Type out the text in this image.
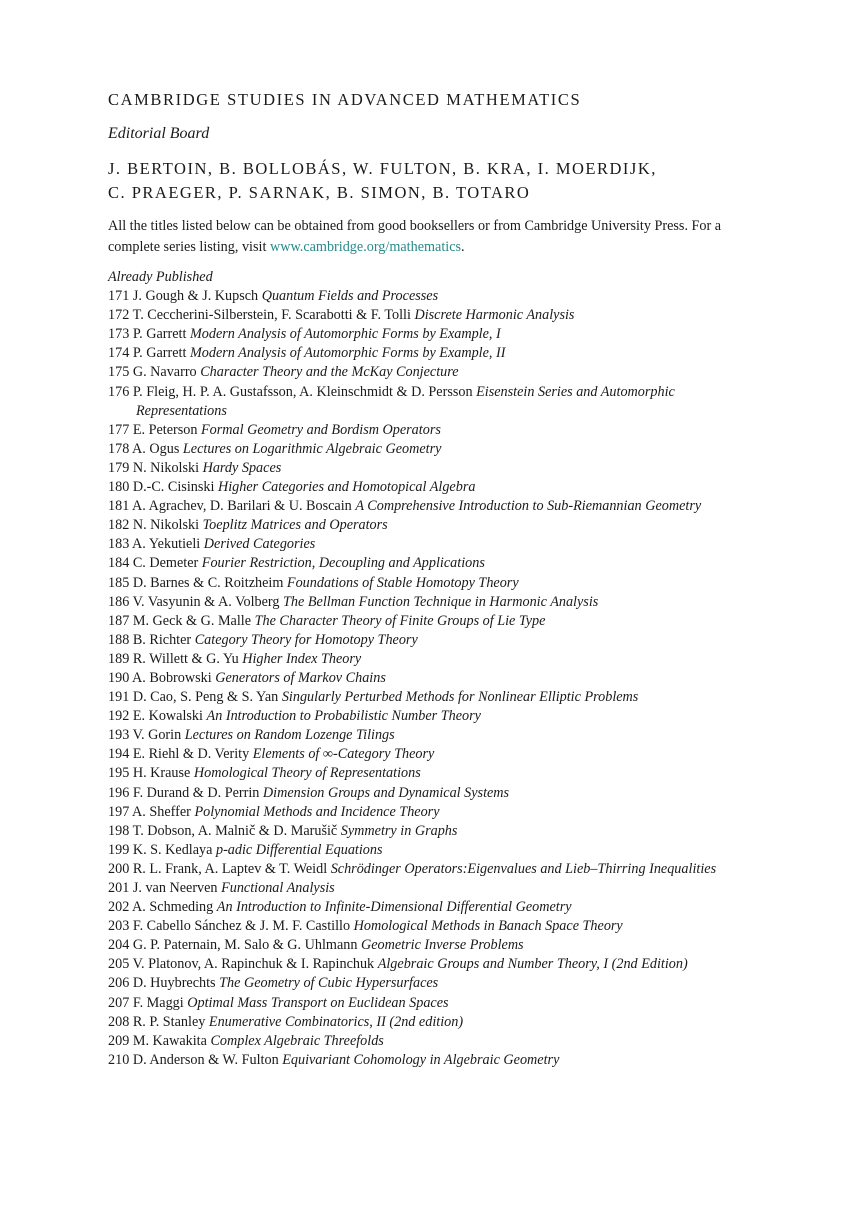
CAMBRIDGE STUDIES IN ADVANCED MATHEMATICS
Editorial Board
J. BERTOIN, B. BOLLOBÁS, W. FULTON, B. KRA, I. MOERDIJK,
C. PRAEGER, P. SARNAK, B. SIMON, B. TOTARO
All the titles listed below can be obtained from good booksellers or from Cambridge University Press. For a complete series listing, visit www.cambridge.org/mathematics.
Already Published
171 J. Gough & J. Kupsch Quantum Fields and Processes
172 T. Ceccherini-Silberstein, F. Scarabotti & F. Tolli Discrete Harmonic Analysis
173 P. Garrett Modern Analysis of Automorphic Forms by Example, I
174 P. Garrett Modern Analysis of Automorphic Forms by Example, II
175 G. Navarro Character Theory and the McKay Conjecture
176 P. Fleig, H. P. A. Gustafsson, A. Kleinschmidt & D. Persson Eisenstein Series and Automorphic Representations
177 E. Peterson Formal Geometry and Bordism Operators
178 A. Ogus Lectures on Logarithmic Algebraic Geometry
179 N. Nikolski Hardy Spaces
180 D.-C. Cisinski Higher Categories and Homotopical Algebra
181 A. Agrachev, D. Barilari & U. Boscain A Comprehensive Introduction to Sub-Riemannian Geometry
182 N. Nikolski Toeplitz Matrices and Operators
183 A. Yekutieli Derived Categories
184 C. Demeter Fourier Restriction, Decoupling and Applications
185 D. Barnes & C. Roitzheim Foundations of Stable Homotopy Theory
186 V. Vasyunin & A. Volberg The Bellman Function Technique in Harmonic Analysis
187 M. Geck & G. Malle The Character Theory of Finite Groups of Lie Type
188 B. Richter Category Theory for Homotopy Theory
189 R. Willett & G. Yu Higher Index Theory
190 A. Bobrowski Generators of Markov Chains
191 D. Cao, S. Peng & S. Yan Singularly Perturbed Methods for Nonlinear Elliptic Problems
192 E. Kowalski An Introduction to Probabilistic Number Theory
193 V. Gorin Lectures on Random Lozenge Tilings
194 E. Riehl & D. Verity Elements of ∞-Category Theory
195 H. Krause Homological Theory of Representations
196 F. Durand & D. Perrin Dimension Groups and Dynamical Systems
197 A. Sheffer Polynomial Methods and Incidence Theory
198 T. Dobson, A. Malnič & D. Marušič Symmetry in Graphs
199 K. S. Kedlaya p-adic Differential Equations
200 R. L. Frank, A. Laptev & T. Weidl Schrödinger Operators:Eigenvalues and Lieb–Thirring Inequalities
201 J. van Neerven Functional Analysis
202 A. Schmeding An Introduction to Infinite-Dimensional Differential Geometry
203 F. Cabello Sánchez & J. M. F. Castillo Homological Methods in Banach Space Theory
204 G. P. Paternain, M. Salo & G. Uhlmann Geometric Inverse Problems
205 V. Platonov, A. Rapinchuk & I. Rapinchuk Algebraic Groups and Number Theory, I (2nd Edition)
206 D. Huybrechts The Geometry of Cubic Hypersurfaces
207 F. Maggi Optimal Mass Transport on Euclidean Spaces
208 R. P. Stanley Enumerative Combinatorics, II (2nd edition)
209 M. Kawakita Complex Algebraic Threefolds
210 D. Anderson & W. Fulton Equivariant Cohomology in Algebraic Geometry
